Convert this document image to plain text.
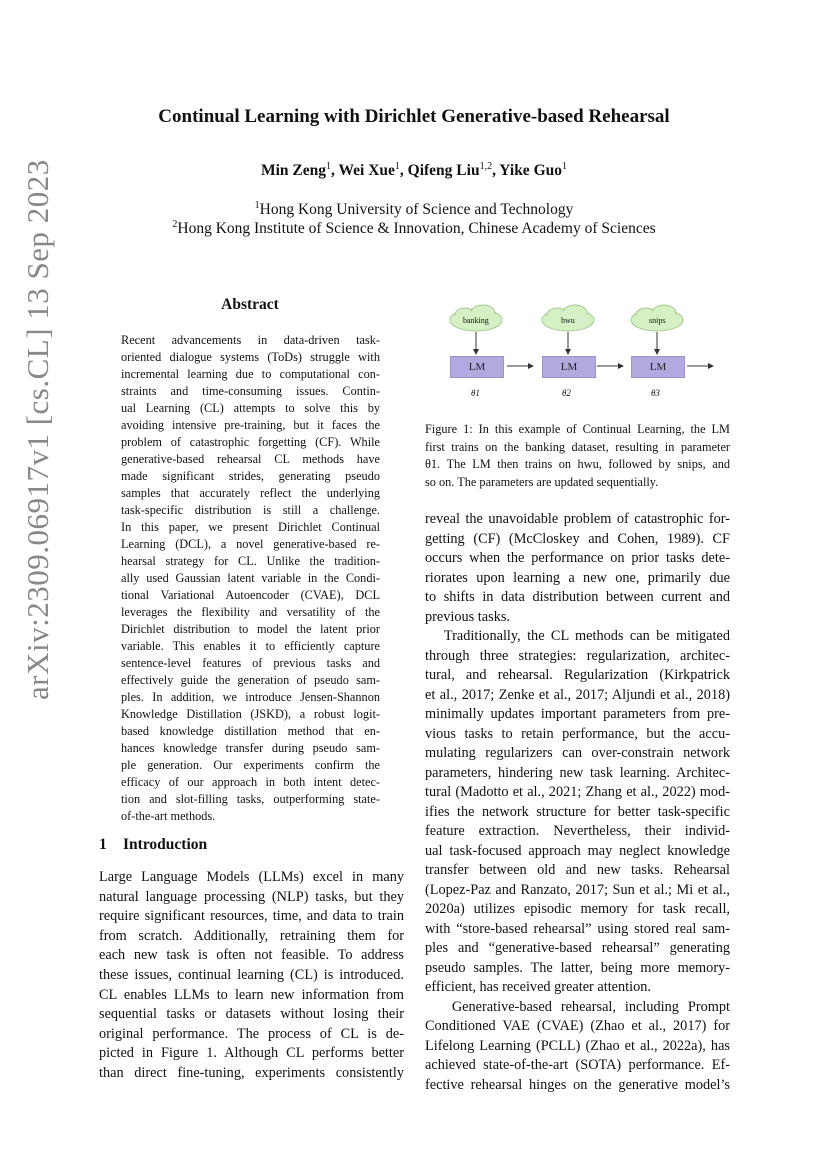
arXiv:2309.06917v1 [cs.CL] 13 Sep 2023
Continual Learning with Dirichlet Generative-based Rehearsal
Min Zeng$^1$, Wei Xue$^1$, Qifeng Liu$^{1,2}$, Yike Guo$^1$
$^1$Hong Kong University of Science and Technology
$^2$Hong Kong Institute of Science & Innovation, Chinese Academy of Sciences
Abstract
Recent advancements in data-driven task-
oriented dialogue systems (ToDs) struggle with
incremental learning due to computational con-
straints and time-consuming issues. Contin-
ual Learning (CL) attempts to solve this by
avoiding intensive pre-training, but it faces the
problem of catastrophic forgetting (CF). While
generative-based rehearsal CL methods have
made significant strides, generating pseudo
samples that accurately reflect the underlying
task-specific distribution is still a challenge.
In this paper, we present Dirichlet Continual
Learning (DCL), a novel generative-based re-
hearsal strategy for CL. Unlike the tradition-
ally used Gaussian latent variable in the Condi-
tional Variational Autoencoder (CVAE), DCL
leverages the flexibility and versatility of the
Dirichlet distribution to model the latent prior
variable. This enables it to efficiently capture
sentence-level features of previous tasks and
effectively guide the generation of pseudo sam-
ples. In addition, we introduce Jensen-Shannon
Knowledge Distillation (JSKD), a robust logit-
based knowledge distillation method that en-
hances knowledge transfer during pseudo sam-
ple generation. Our experiments confirm the
efficacy of our approach in both intent detec-
tion and slot-filling tasks, outperforming state-
of-the-art methods.
1 Introduction
Large Language Models (LLMs) excel in many
natural language processing (NLP) tasks, but they
require significant resources, time, and data to train
from scratch. Additionally, retraining them for
each new task is often not feasible. To address
these issues, continual learning (CL) is introduced.
CL enables LLMs to learn new information from
sequential tasks or datasets without losing their
original performance. The process of CL is de-
picted in Figure 1. Although CL performs better
than direct fine-tuning, experiments consistently
banking	hwu	snips
LM	LM	LM
θ1	θ2	θ3
Figure 1: In this example of Continual Learning, the LM
first trains on the banking dataset, resulting in parameter
θ1. The LM then trains on hwu, followed by snips, and
so on. The parameters are updated sequentially.
reveal the unavoidable problem of catastrophic for-
getting (CF) (McCloskey and Cohen, 1989). CF
occurs when the performance on prior tasks dete-
riorates upon learning a new one, primarily due
to shifts in data distribution between current and
previous tasks.
Traditionally, the CL methods can be mitigated
through three strategies: regularization, architec-
tural, and rehearsal. Regularization (Kirkpatrick
et al., 2017; Zenke et al., 2017; Aljundi et al., 2018)
minimally updates important parameters from pre-
vious tasks to retain performance, but the accu-
mulating regularizers can over-constrain network
parameters, hindering new task learning. Architec-
tural (Madotto et al., 2021; Zhang et al., 2022) mod-
ifies the network structure for better task-specific
feature extraction. Nevertheless, their individ-
ual task-focused approach may neglect knowledge
transfer between old and new tasks. Rehearsal
(Lopez-Paz and Ranzato, 2017; Sun et al.; Mi et al.,
2020a) utilizes episodic memory for task recall,
with “store-based rehearsal” using stored real sam-
ples and “generative-based rehearsal” generating
pseudo samples. The latter, being more memory-
efficient, has received greater attention.
Generative-based rehearsal, including Prompt
Conditioned VAE (CVAE) (Zhao et al., 2017) for
Lifelong Learning (PCLL) (Zhao et al., 2022a), has
achieved state-of-the-art (SOTA) performance. Ef-
fective rehearsal hinges on the generative model’s
